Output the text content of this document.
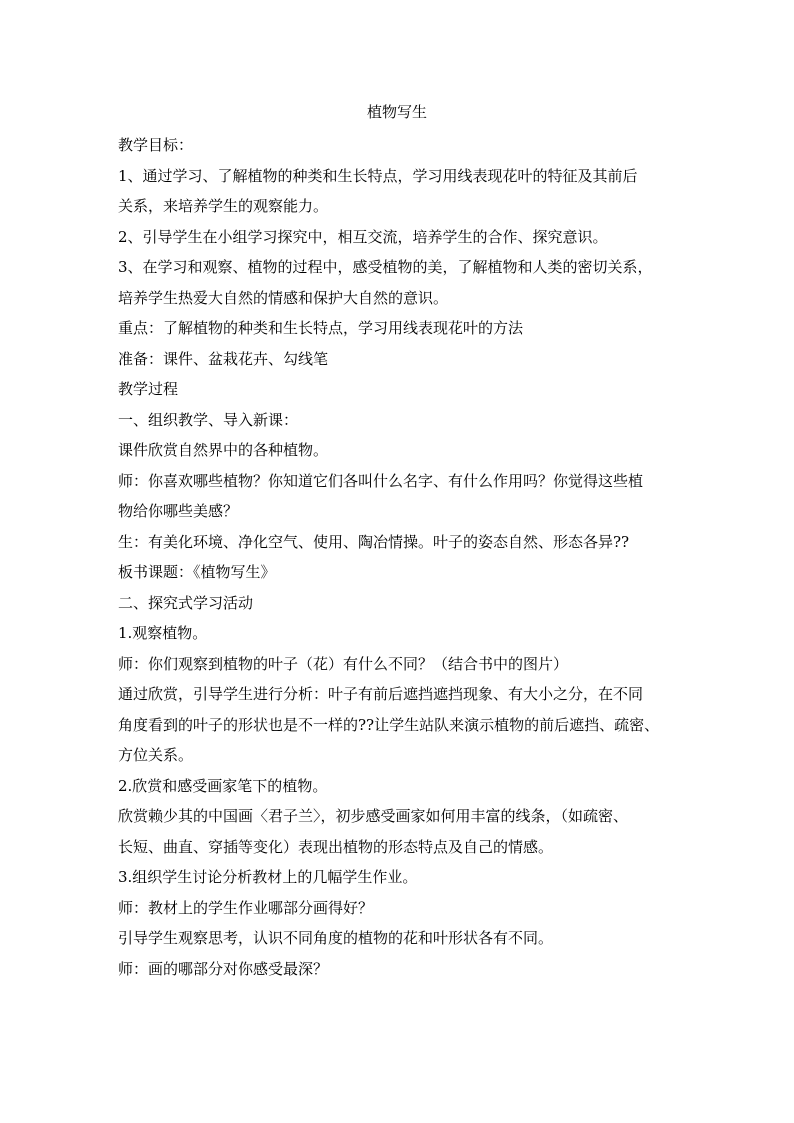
植物写生
教学目标：
1、通过学习、了解植物的种类和生长特点，学习用线表现花叶的特征及其前后
关系，来培养学生的观察能力。
2、引导学生在小组学习探究中，相互交流，培养学生的合作、探究意识。
3、在学习和观察、植物的过程中，感受植物的美，了解植物和人类的密切关系，
培养学生热爱大自然的情感和保护大自然的意识。
重点：了解植物的种类和生长特点，学习用线表现花叶的方法
准备：课件、盆栽花卉、勾线笔
教学过程
一、组织教学、导入新课：
课件欣赏自然界中的各种植物。
师：你喜欢哪些植物？你知道它们各叫什么名字、有什么作用吗？你觉得这些植
物给你哪些美感？
生：有美化环境、净化空气、使用、陶冶情操。叶子的姿态自然、形态各异??
板书课题：《植物写生》
二、探究式学习活动
1.观察植物。
师：你们观察到植物的叶子（花）有什么不同？（结合书中的图片）
通过欣赏，引导学生进行分析：叶子有前后遮挡遮挡现象、有大小之分，在不同
角度看到的叶子的形状也是不一样的??让学生站队来演示植物的前后遮挡、疏密、
方位关系。
2.欣赏和感受画家笔下的植物。
欣赏赖少其的中国画〈君子兰〉，初步感受画家如何用丰富的线条，（如疏密、
长短、曲直、穿插等变化）表现出植物的形态特点及自己的情感。
3.组织学生讨论分析教材上的几幅学生作业。
师：教材上的学生作业哪部分画得好？
引导学生观察思考，认识不同角度的植物的花和叶形状各有不同。
师：画的哪部分对你感受最深？
